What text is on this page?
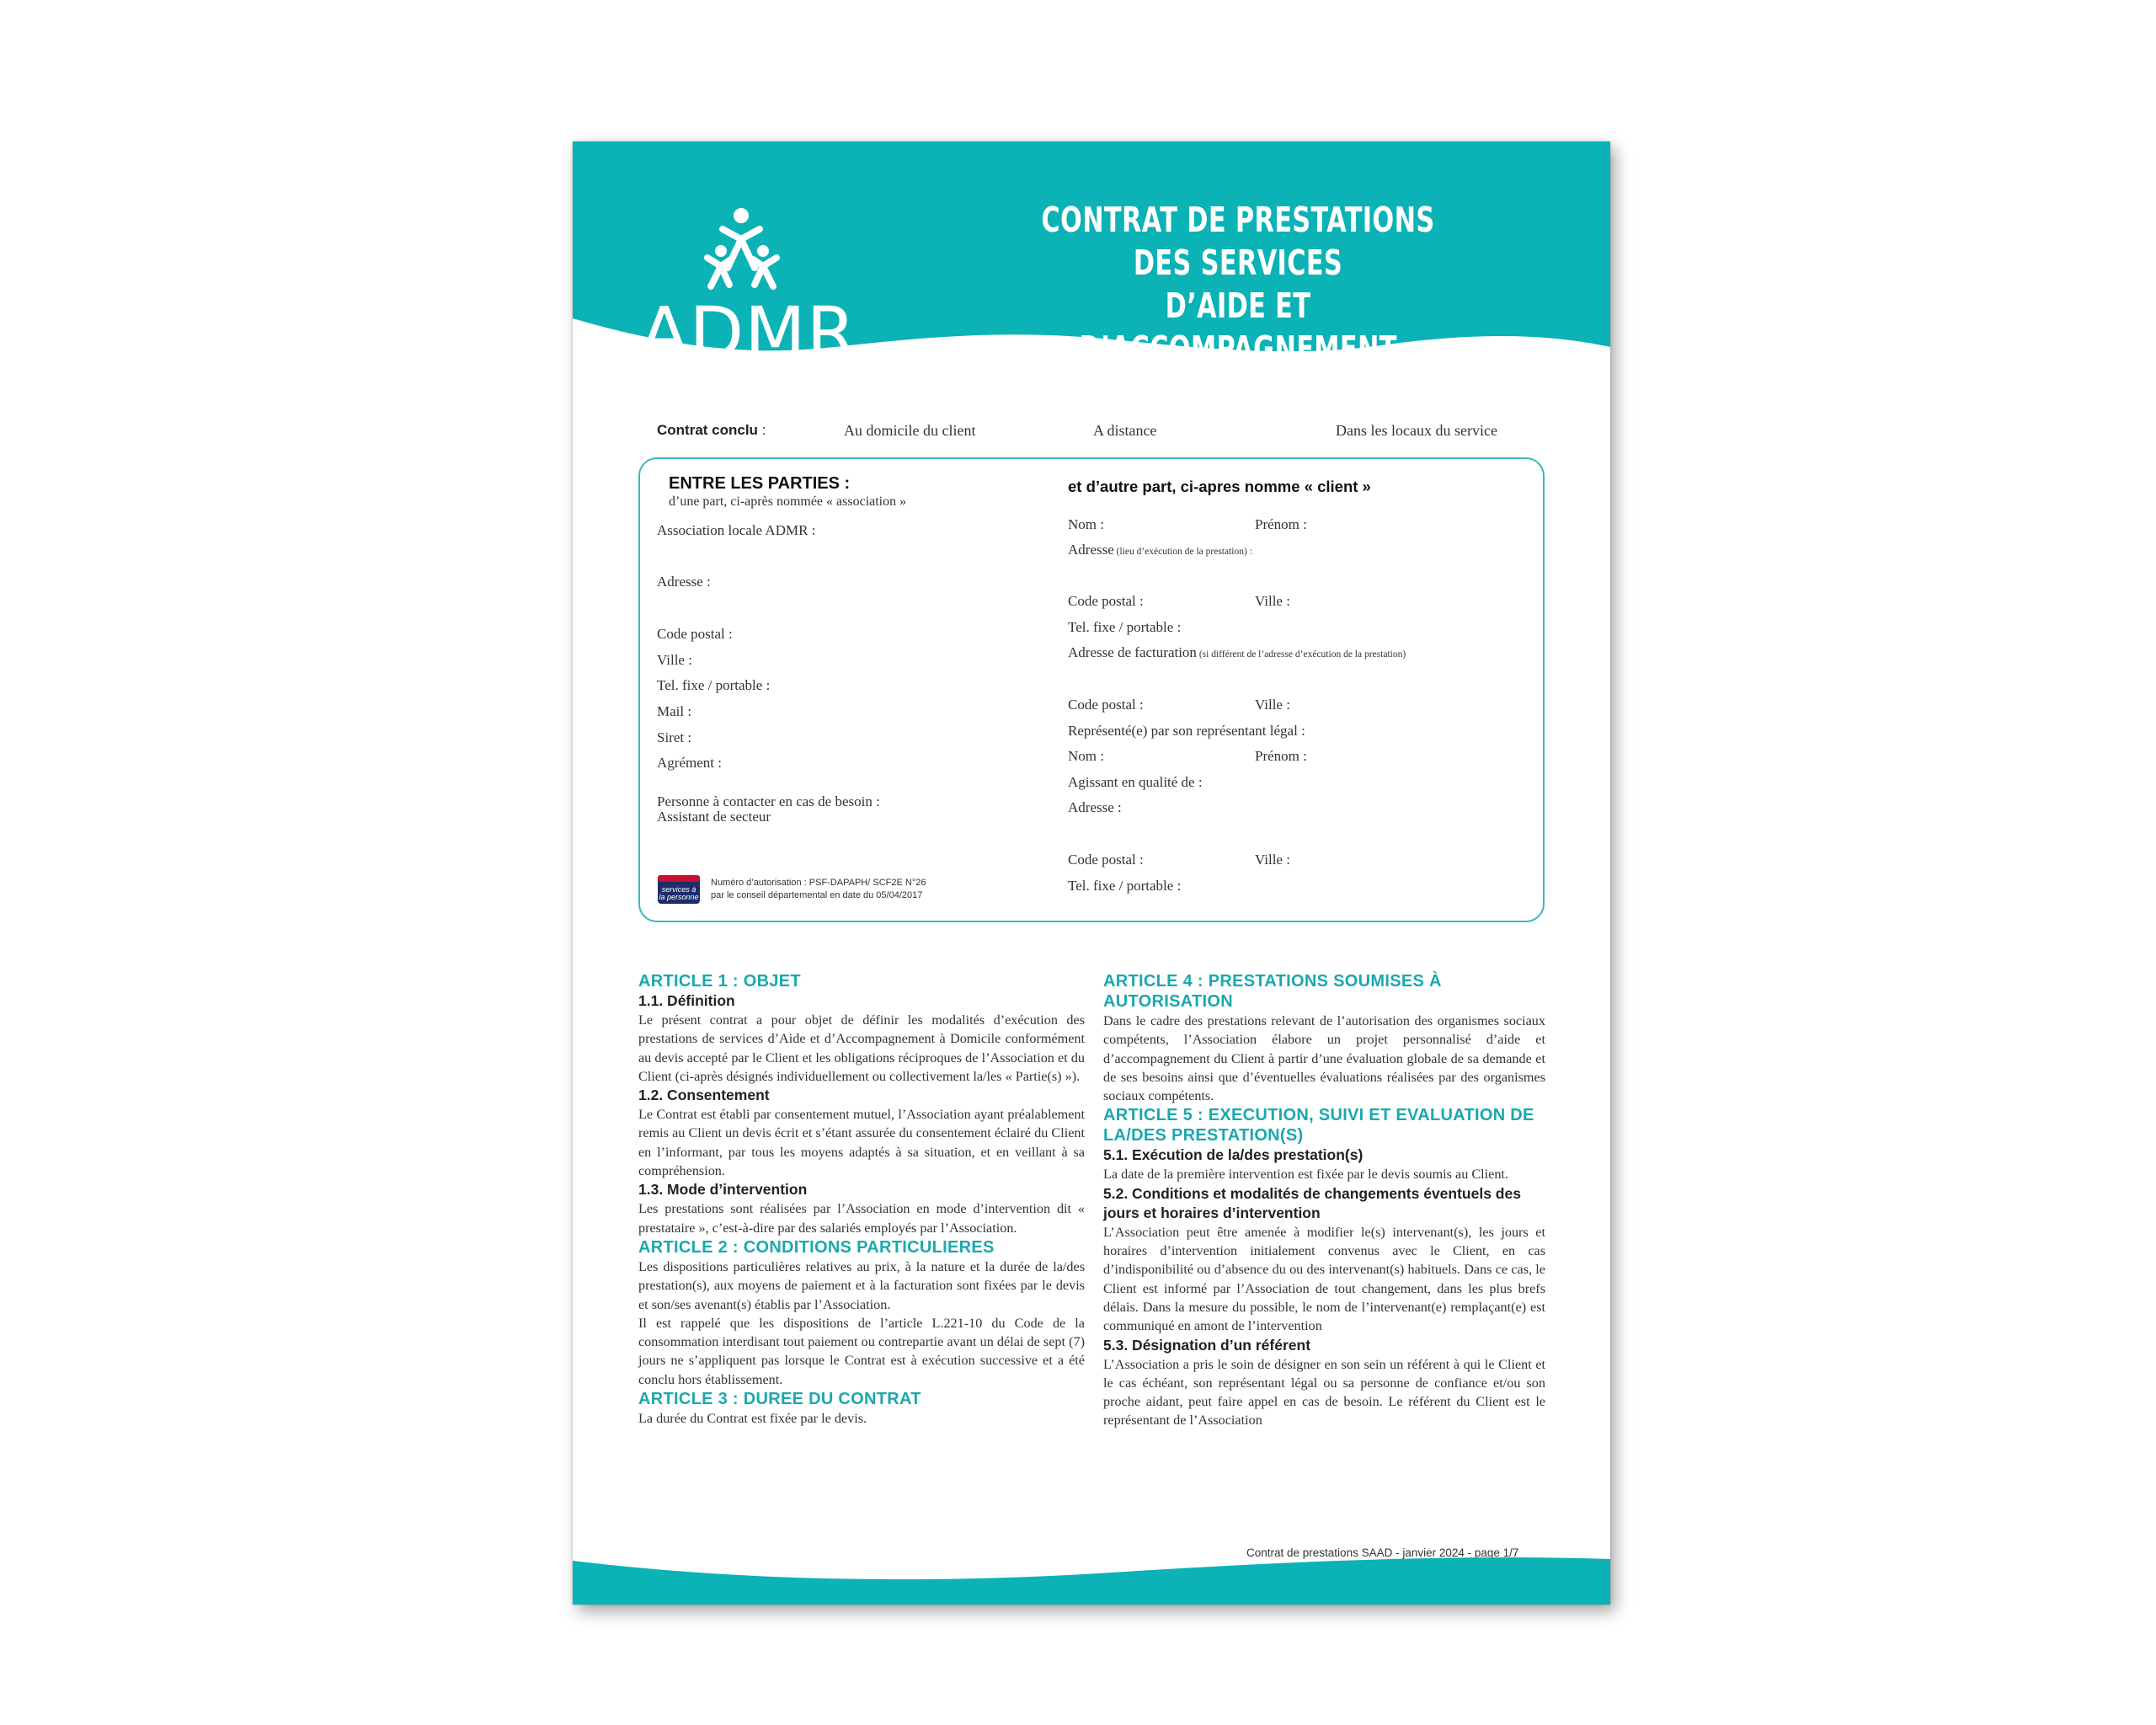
ADMR
CONTRAT DE PRESTATIONS DES SERVICES
D’AIDE ET D’ACCOMPAGNEMENT
A DOMICILE
Contrat conclu :	Au domicile du client	A distance	Dans les locaux du service
ENTRE LES PARTIES :
d’une part, ci-après nommée « association »
Association locale ADMR :
Adresse :
Code postal :
Ville :
Tel. fixe / portable :
Mail :
Siret :
Agrément :
Personne à contacter en cas de besoin :
Assistant de secteur
services à
la personne
Numéro d’autorisation : PSF-DAPAPH/ SCF2E N°26
par le conseil départemental en date du 05/04/2017
et d’autre part, ci-apres nomme « client »
Nom :	Prénom :
Adresse (lieu d’exécution de la prestation) :
Code postal :	Ville :
Tel. fixe / portable :
Adresse de facturation (si différent de l’adresse d’exécution de la prestation)
Code postal :	Ville :
Représenté(e) par son représentant légal :
Nom :	Prénom :
Agissant en qualité de :
Adresse :
Code postal :	Ville :
Tel. fixe / portable :
ARTICLE 1 : OBJET
1.1. Définition

Le présent contrat a pour objet de définir les modalités d’exécution des prestations de services d’Aide et d’Accompagnement à Domicile conformément au devis accepté par le Client et les obligations réciproques de l’Association et du Client (ci-après désignés individuellement ou collectivement la/les « Partie(s) »).

1.2. Consentement

Le Contrat est établi par consentement mutuel, l’Association ayant préalablement remis au Client un devis écrit et s’étant assurée du consentement éclairé du Client en l’informant, par tous les moyens adaptés à sa situation, et en veillant à sa compréhension.

1.3. Mode d’intervention

Les prestations sont réalisées par l’Association en mode d’intervention dit « prestataire », c’est-à-dire par des salariés employés par l’Association.

ARTICLE 2 : CONDITIONS PARTICULIERES

Les dispositions particulières relatives au prix, à la nature et la durée de la/des prestation(s), aux moyens de paiement et à la facturation sont fixées par le devis et son/ses avenant(s) établis par l’Association.

Il est rappelé que les dispositions de l’article L.221-10 du Code de la consommation interdisant tout paiement ou contrepartie avant un délai de sept (7) jours ne s’appliquent pas lorsque le Contrat est à exécution successive et a été conclu hors établissement.

ARTICLE 3 : DUREE DU CONTRAT

La durée du Contrat est fixée par le devis.

ARTICLE 4 : PRESTATIONS SOUMISES À AUTORISATION

Dans le cadre des prestations relevant de l’autorisation des organismes sociaux compétents, l’Association élabore un projet personnalisé d’aide et d’accompagnement du Client à partir d’une évaluation globale de sa demande et de ses besoins ainsi que d’éventuelles évaluations réalisées par des organismes sociaux compétents.

ARTICLE 5 : EXECUTION, SUIVI ET EVALUATION DE LA/DES PRESTATION(S)
5.1. Exécution de la/des prestation(s)

La date de la première intervention est fixée par le devis soumis au Client.

5.2. Conditions et modalités de changements éventuels des jours et horaires d’intervention

L’Association peut être amenée à modifier le(s) intervenant(s), les jours et horaires d’intervention initialement convenus avec le Client, en cas d’indisponibilité ou d’absence du ou des intervenant(s) habituels. Dans ce cas, le Client est informé par l’Association de tout changement, dans les plus brefs délais. Dans la mesure du possible, le nom de l’intervenant(e) remplaçant(e) est communiqué en amont de l’intervention

5.3. Désignation d’un référent

L’Association a pris le soin de désigner en son sein un référent à qui le Client et le cas échéant, son représentant légal ou sa personne de confiance et/ou son proche aidant, peut faire appel en cas de besoin. Le référent du Client est le représentant de l’Association

Contrat de prestations SAAD - janvier 2024 - page 1/7
